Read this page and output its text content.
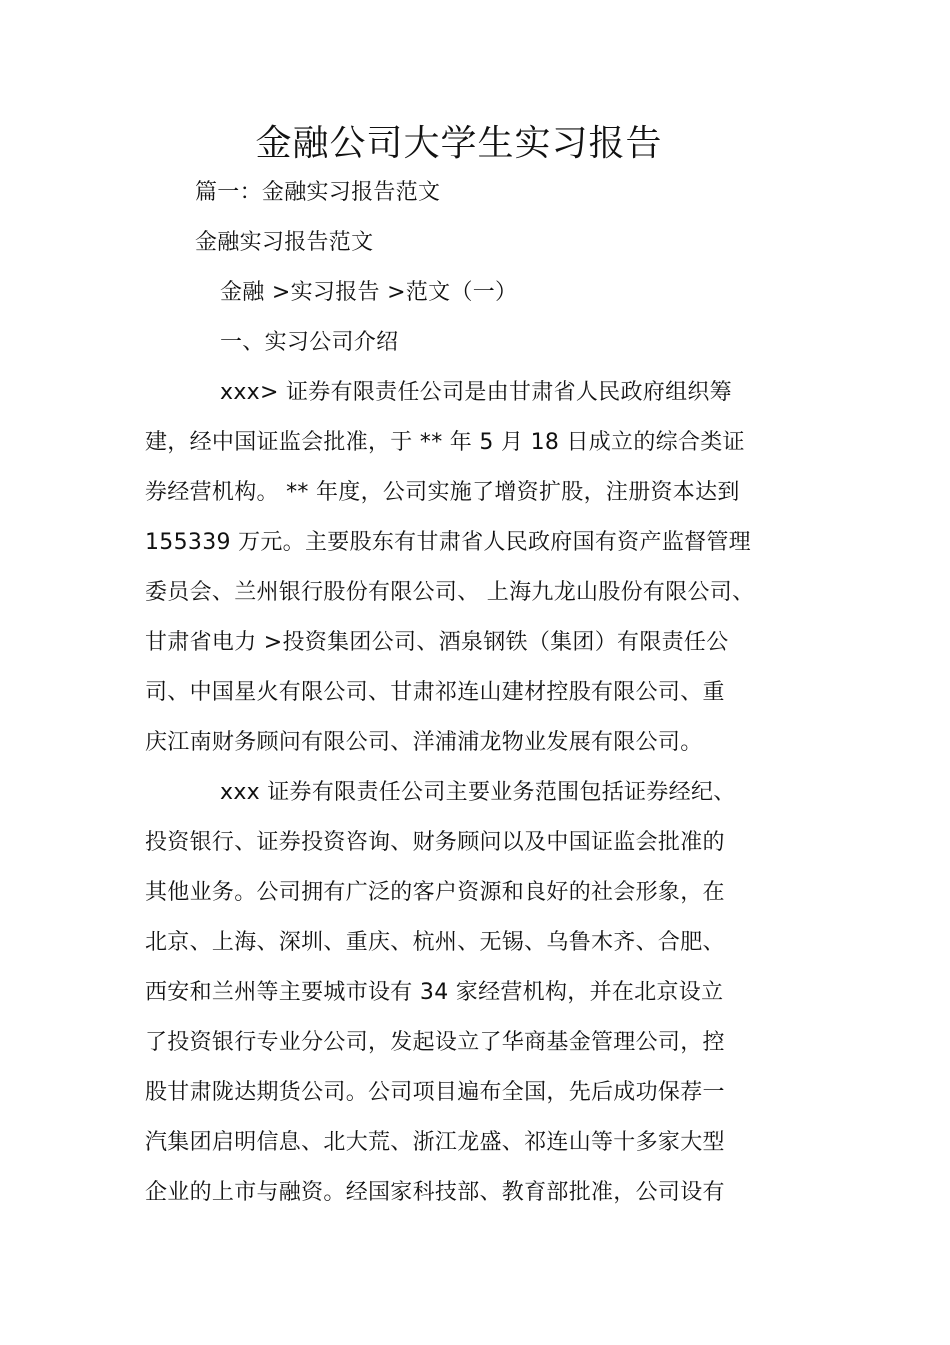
金融公司大学生实习报告
篇一：金融实习报告范文
金融实习报告范文
金融 >实习报告 >范文（一）
一、实习公司介绍
xxx> 证券有限责任公司是由甘肃省人民政府组织筹
建，经中国证监会批准，于 ** 年 5 月 18 日成立的综合类证
券经营机构。 ** 年度，公司实施了增资扩股，注册资本达到
155339 万元。主要股东有甘肃省人民政府国有资产监督管理
委员会、兰州银行股份有限公司、 上海九龙山股份有限公司、
甘肃省电力 >投资集团公司、酒泉钢铁（集团）有限责任公
司、中国星火有限公司、甘肃祁连山建材控股有限公司、重
庆江南财务顾问有限公司、洋浦浦龙物业发展有限公司。
xxx 证券有限责任公司主要业务范围包括证券经纪、
投资银行、证券投资咨询、财务顾问以及中国证监会批准的
其他业务。公司拥有广泛的客户资源和良好的社会形象，在
北京、上海、深圳、重庆、杭州、无锡、乌鲁木齐、合肥、
西安和兰州等主要城市设有 34 家经营机构，并在北京设立
了投资银行专业分公司，发起设立了华商基金管理公司，控
股甘肃陇达期货公司。公司项目遍布全国，先后成功保荐一
汽集团启明信息、北大荒、浙江龙盛、祁连山等十多家大型
企业的上市与融资。经国家科技部、教育部批准，公司设有
